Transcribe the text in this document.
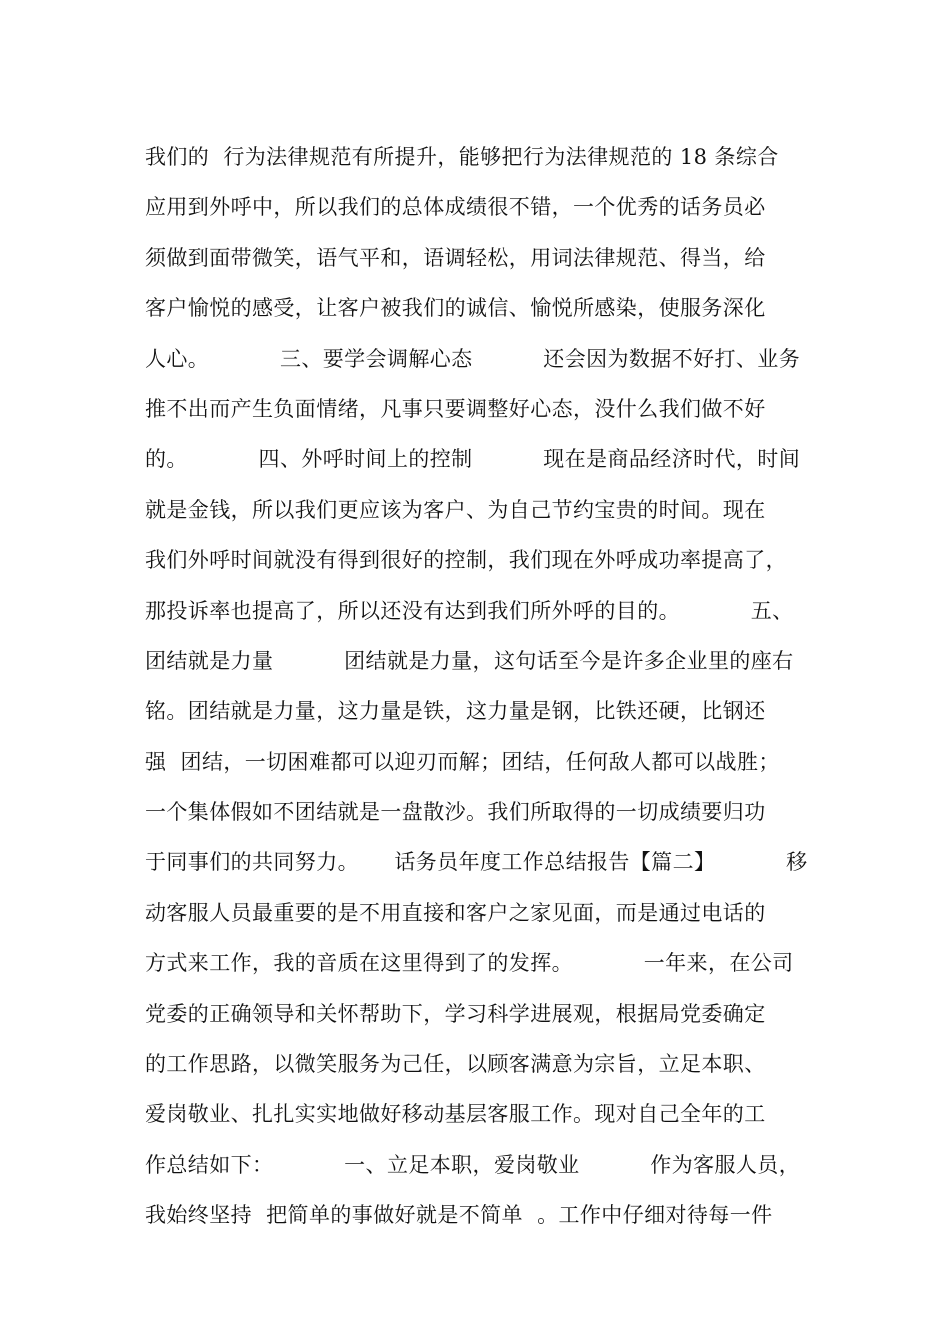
我们的  行为法律规范有所提升，能够把行为法律规范的 18 条综合
应用到外呼中，所以我们的总体成绩很不错，一个优秀的话务员必
须做到面带微笑，语气平和，语调轻松，用词法律规范、得当，给
客户愉悦的感受，让客户被我们的诚信、愉悦所感染，使服务深化
人心。          三、要学会调解心态          还会因为数据不好打、业务
推不出而产生负面情绪，凡事只要调整好心态，没什么我们做不好
的。          四、外呼时间上的控制          现在是商品经济时代，时间
就是金钱，所以我们更应该为客户、为自己节约宝贵的时间。现在
我们外呼时间就没有得到很好的控制，我们现在外呼成功率提高了，
那投诉率也提高了，所以还没有达到我们所外呼的目的。          五、
团结就是力量          团结就是力量，这句话至今是许多企业里的座右
铭。团结就是力量，这力量是铁，这力量是钢，比铁还硬，比钢还
强  团结，一切困难都可以迎刃而解；团结，任何敌人都可以战胜；
一个集体假如不团结就是一盘散沙。我们所取得的一切成绩要归功
于同事们的共同努力。     话务员年度工作总结报告【篇二】          移
动客服人员最重要的是不用直接和客户之家见面，而是通过电话的
方式来工作，我的音质在这里得到了的发挥。          一年来，在公司
党委的正确领导和关怀帮助下，学习科学进展观，根据局党委确定
的工作思路，以微笑服务为己任，以顾客满意为宗旨，立足本职、
爱岗敬业、扎扎实实地做好移动基层客服工作。现对自己全年的工
作总结如下：          一、立足本职，爱岗敬业          作为客服人员，
我始终坚持  把简单的事做好就是不简单  。工作中仔细对待每一件
